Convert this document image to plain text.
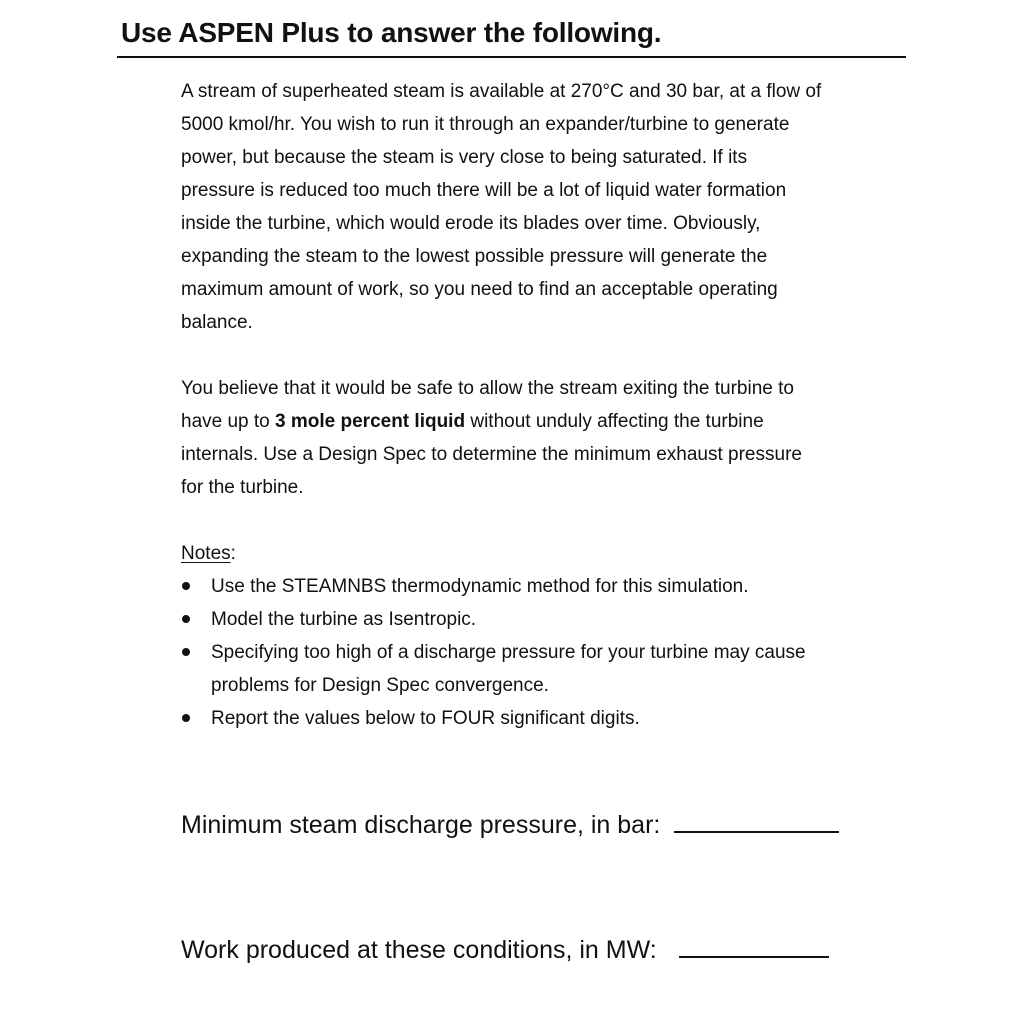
Use ASPEN Plus to answer the following.

A stream of superheated steam is available at 270°C and 30 bar, at a flow of
5000 kmol/hr. You wish to run it through an expander/turbine to generate
power, but because the steam is very close to being saturated. If its
pressure is reduced too much there will be a lot of liquid water formation
inside the turbine, which would erode its blades over time. Obviously,
expanding the steam to the lowest possible pressure will generate the
maximum amount of work, so you need to find an acceptable operating
balance.

You believe that it would be safe to allow the stream exiting the turbine to
have up to 3 mole percent liquid without unduly affecting the turbine
internals. Use a Design Spec to determine the minimum exhaust pressure
for the turbine.

Notes:

Use the STEAMNBS thermodynamic method for this simulation.
Model the turbine as Isentropic.
Specifying too high of a discharge pressure for your turbine may cause
problems for Design Spec convergence.
Report the values below to FOUR significant digits.
Minimum steam discharge pressure, in bar:
Work produced at these conditions, in MW:
